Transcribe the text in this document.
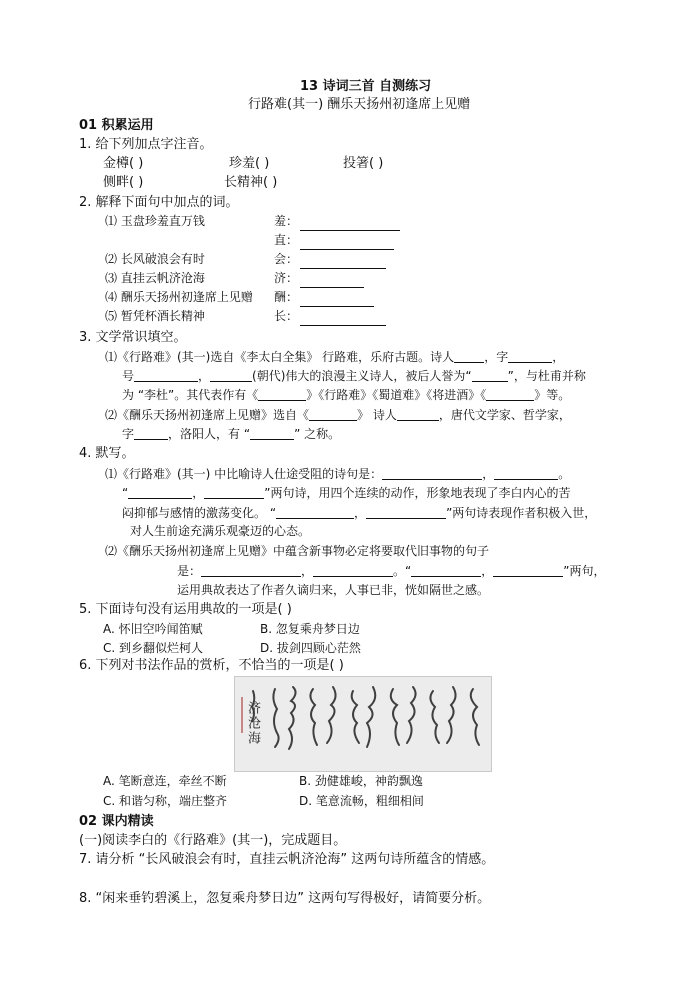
13 诗词三首 自测练习
行路难(其一) 酬乐天扬州初逢席上见赠
01 积累运用
1. 给下列加点字注音。
金樽( )	珍羞( )	投箸( )
侧畔( )	长精神( )
2. 解释下面句中加点的词。
⑴ 玉盘珍羞直万钱	羞：
直：
⑵ 长风破浪会有时	会：
⑶ 直挂云帆济沧海	济：
⑷ 酬乐天扬州初逢席上见赠 酬：
⑸ 暂凭杯酒长精神	长：
3. 文学常识填空。
⑴《行路难》(其一)选自《李太白全集》 行路难，乐府古题。诗人	，字	，
号	，	(朝代)伟大的浪漫主义诗人，被后人誉为“	”，与杜甫并称
为 “李杜”。其代表作有《	》《行路难》《蜀道难》《将进酒》《	》等。
⑵《酬乐天扬州初逢席上见赠》选自《	》 诗人	，唐代文学家、哲学家，
字	，洛阳人，有 “	” 之称。
4. 默写。
⑴《行路难》(其一) 中比喻诗人仕途受阻的诗句是：	，	。
“	，	”两句诗，用四个连续的动作，形象地表现了李白内心的苦
闷抑郁与感情的激荡变化。 “	，	”两句诗表现作者积极入世，
对人生前途充满乐观豪迈的心态。
⑵《酬乐天扬州初逢席上见赠》中蕴含新事物必定将要取代旧事物的句子
是：	，	。“	，	”两句，
运用典故表达了作者久谪归来，人事已非，恍如隔世之感。
5. 下面诗句没有运用典故的一项是( )
A. 怀旧空吟闻笛赋	B. 忽复乘舟梦日边
C. 到乡翻似烂柯人	D. 拔剑四顾心茫然
6. 下列对书法作品的赏析，不恰当的一项是( )
济沧海
A. 笔断意连，牵丝不断	B. 劲健雄峻，神韵飘逸
C. 和谐匀称，端庄整齐	D. 笔意流畅，粗细相间
02 课内精读
(一)阅读李白的《行路难》(其一)，完成题目。
7. 请分析 “长风破浪会有时，直挂云帆济沧海” 这两句诗所蕴含的情感。
8. “闲来垂钓碧溪上，忽复乘舟梦日边” 这两句写得极好，请简要分析。
